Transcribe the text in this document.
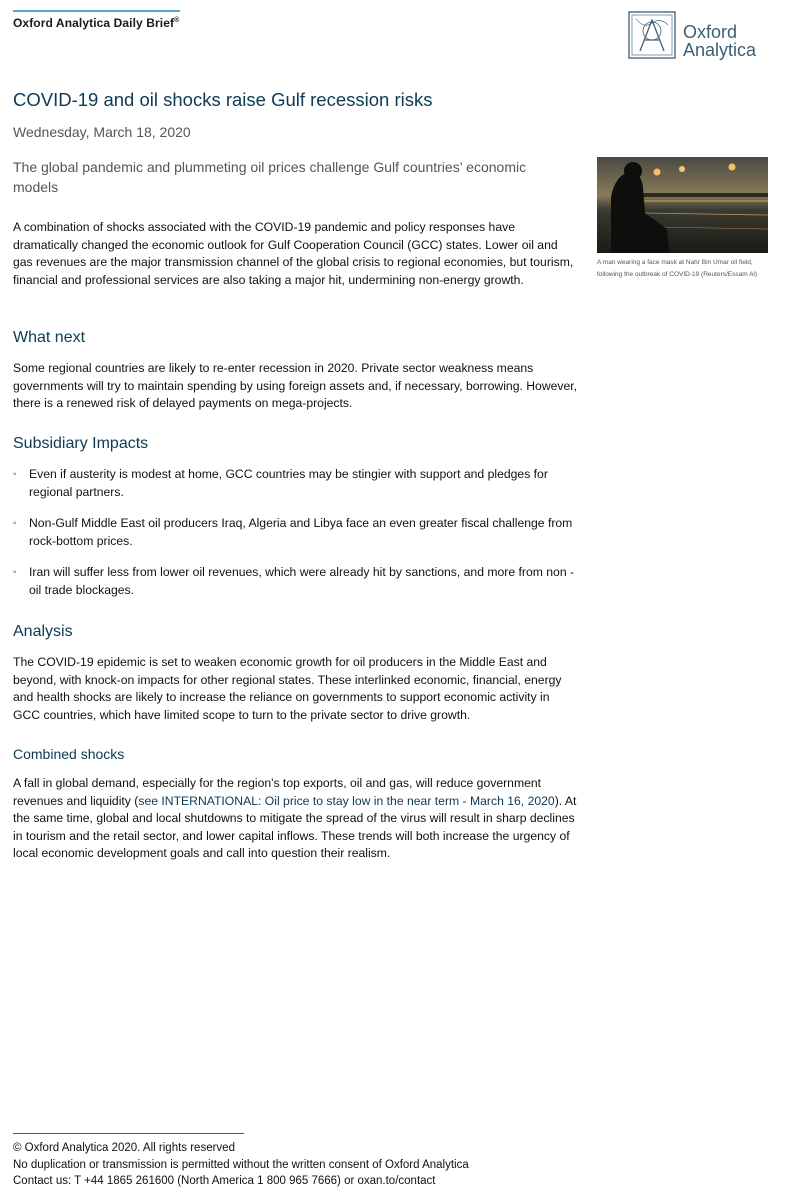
Oxford Analytica Daily Brief®
Oxford
Analytica
COVID-19 and oil shocks raise Gulf recession risks
Wednesday, March 18, 2020
The global pandemic and plummeting oil prices challenge Gulf countries’ economic models
A man wearing a face mask at Nahr Bin Umar oil field, following the outbreak of COVID-19 (Reuters/Essam Al)

A combination of shocks associated with the COVID-19 pandemic and policy responses have dramatically changed the economic outlook for Gulf Cooperation Council (GCC) states. Lower oil and gas revenues are the major transmission channel of the global crisis to regional economies, but tourism, financial and professional services are also taking a major hit, undermining non-energy growth.

What next

Some regional countries are likely to re-enter recession in 2020. Private sector weakness means governments will try to maintain spending by using foreign assets and, if necessary, borrowing. However, there is a renewed risk of delayed payments on mega-projects.

Subsidiary Impacts
◦ Even if austerity is modest at home, GCC countries may be stingier with support and pledges for regional partners.
◦ Non-Gulf Middle East oil producers Iraq, Algeria and Libya face an even greater fiscal challenge from rock-bottom prices.
◦ Iran will suffer less from lower oil revenues, which were already hit by sanctions, and more from non -oil trade blockages.
Analysis

The COVID-19 epidemic is set to weaken economic growth for oil producers in the Middle East and beyond, with knock-on impacts for other regional states. These interlinked economic, financial, energy and health shocks are likely to increase the reliance on governments to support economic activity in GCC countries, which have limited scope to turn to the private sector to drive growth.

Combined shocks

A fall in global demand, especially for the region's top exports, oil and gas, will reduce government revenues and liquidity (see INTERNATIONAL: Oil price to stay low in the near term - March 16, 2020). At the same time, global and local shutdowns to mitigate the spread of the virus will result in sharp declines in tourism and the retail sector, and lower capital inflows. These trends will both increase the urgency of local economic development goals and call into question their realism.

© Oxford Analytica 2020. All rights reserved
No duplication or transmission is permitted without the written consent of Oxford Analytica
Contact us: T +44 1865 261600 (North America 1 800 965 7666) or oxan.to/contact
